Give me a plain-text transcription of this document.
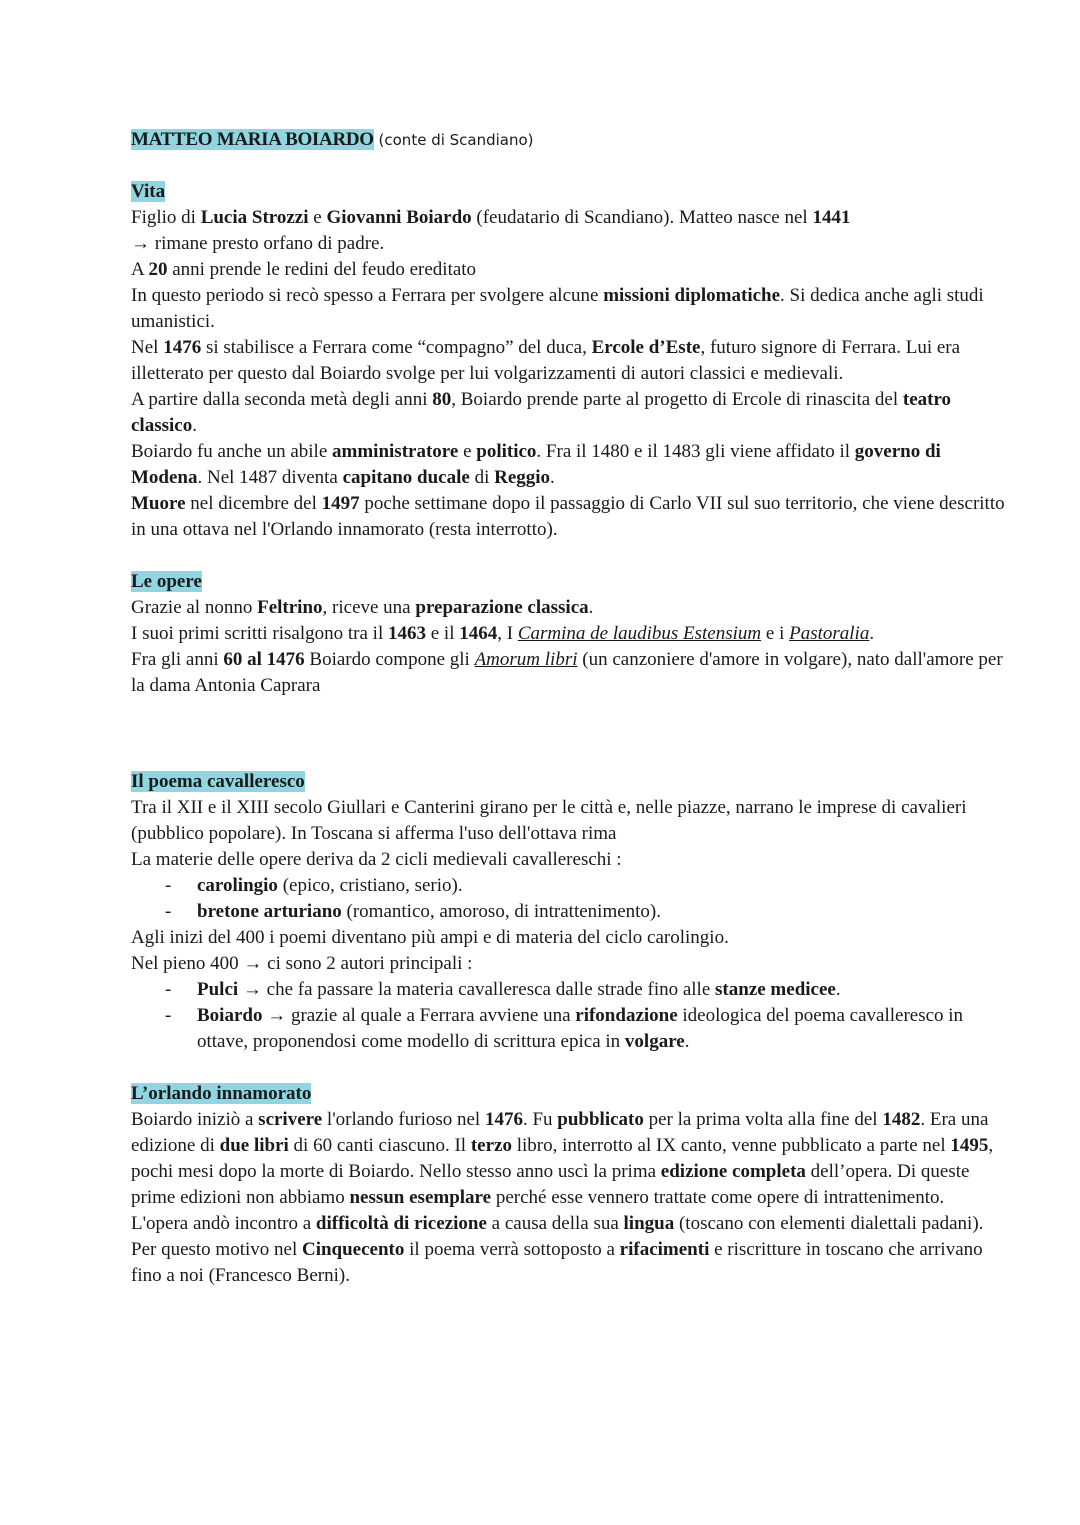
MATTEO MARIA BOIARDO (conte di Scandiano)

Vita

Figlio di Lucia Strozzi e Giovanni Boiardo (feudatario di Scandiano). Matteo nasce nel 1441
→ rimane presto orfano di padre.

A 20 anni prende le redini del feudo ereditato

In questo periodo si recò spesso a Ferrara per svolgere alcune missioni diplomatiche. Si dedica anche agli studi umanistici.

Nel 1476 si stabilisce a Ferrara come “compagno” del duca, Ercole d’Este, futuro signore di Ferrara. Lui era illetterato per questo dal Boiardo svolge per lui volgarizzamenti di autori classici e medievali.

A partire dalla seconda metà degli anni 80, Boiardo prende parte al progetto di Ercole di rinascita del teatro classico.

Boiardo fu anche un abile amministratore e politico. Fra il 1480 e il 1483 gli viene affidato il governo di Modena. Nel 1487 diventa capitano ducale di Reggio.

Muore nel dicembre del 1497 poche settimane dopo il passaggio di Carlo VII sul suo territorio, che viene descritto in una ottava nel l'Orlando innamorato (resta interrotto).

Le opere

Grazie al nonno Feltrino, riceve una preparazione classica.

I suoi primi scritti risalgono tra il 1463 e il 1464, I Carmina de laudibus Estensium e i Pastoralia.

Fra gli anni 60 al 1476 Boiardo compone gli Amorum libri (un canzoniere d'amore in volgare), nato dall'amore per la dama Antonia Caprara

Il poema cavalleresco

Tra il XII e il XIII secolo Giullari e Canterini girano per le città e, nelle piazze, narrano le imprese di cavalieri (pubblico popolare). In Toscana si afferma l'uso dell'ottava rima

La materie delle opere deriva da 2 cicli medievali cavallereschi :

- carolingio (epico, cristiano, serio).
- bretone arturiano (romantico, amoroso, di intrattenimento).

Agli inizi del 400 i poemi diventano più ampi e di materia del ciclo carolingio.

Nel pieno 400 → ci sono 2 autori principali :

- Pulci → che fa passare la materia cavalleresca dalle strade fino alle stanze medicee.
- Boiardo → grazie al quale a Ferrara avviene una rifondazione ideologica del poema cavalleresco in ottave, proponendosi come modello di scrittura epica in volgare.

L’orlando innamorato

Boiardo iniziò a scrivere l'orlando furioso nel 1476. Fu pubblicato per la prima volta alla fine del 1482. Era una edizione di due libri di 60 canti ciascuno. Il terzo libro, interrotto al IX canto, venne pubblicato a parte nel 1495, pochi mesi dopo la morte di Boiardo. Nello stesso anno uscì la prima edizione completa dell’opera. Di queste prime edizioni non abbiamo nessun esemplare perché esse vennero trattate come opere di intrattenimento.

L'opera andò incontro a difficoltà di ricezione a causa della sua lingua (toscano con elementi dialettali padani). Per questo motivo nel Cinquecento il poema verrà sottoposto a rifacimenti e riscritture in toscano che arrivano fino a noi (Francesco Berni).
